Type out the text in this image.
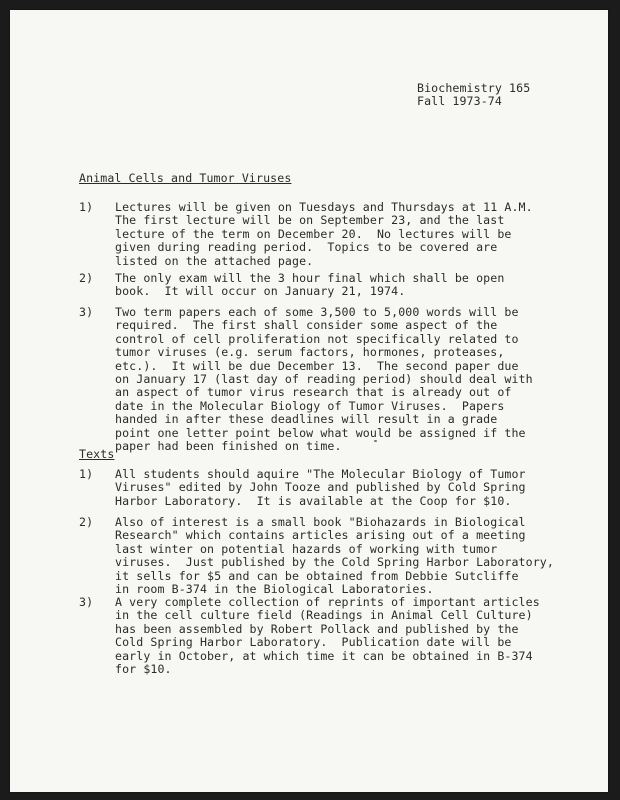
Biochemistry 165
Fall 1973-74
Animal Cells and Tumor Viruses
1) Lectures will be given on Tuesdays and Thursdays at 11 A.M.
The first lecture will be on September 23, and the last
lecture of the term on December 20.  No lectures will be
given during reading period.  Topics to be covered are
listed on the attached page.
2) The only exam will the 3 hour final which shall be open
book.  It will occur on January 21, 1974.
3) Two term papers each of some 3,500 to 5,000 words will be
required.  The first shall consider some aspect of the
control of cell proliferation not specifically related to
tumor viruses (e.g. serum factors, hormones, proteases,
etc.).  It will be due December 13.  The second paper due
on January 17 (last day of reading period) should deal with
an aspect of tumor virus research that is already out of
date in the Molecular Biology of Tumor Viruses.  Papers
handed in after these deadlines will result in a grade
point one letter point below what would be assigned if the
paper had been finished on time.
Texts
1) All students should aquire "The Molecular Biology of Tumor
Viruses" edited by John Tooze and published by Cold Spring
Harbor Laboratory.  It is available at the Coop for $10.
2) Also of interest is a small book "Biohazards in Biological
Research" which contains articles arising out of a meeting
last winter on potential hazards of working with tumor
viruses.  Just published by the Cold Spring Harbor Laboratory,
it sells for $5 and can be obtained from Debbie Sutcliffe
in room B-374 in the Biological Laboratories.
3) A very complete collection of reprints of important articles
in the cell culture field (Readings in Animal Cell Culture)
has been assembled by Robert Pollack and published by the
Cold Spring Harbor Laboratory.  Publication date will be
early in October, at which time it can be obtained in B-374
for $10.
